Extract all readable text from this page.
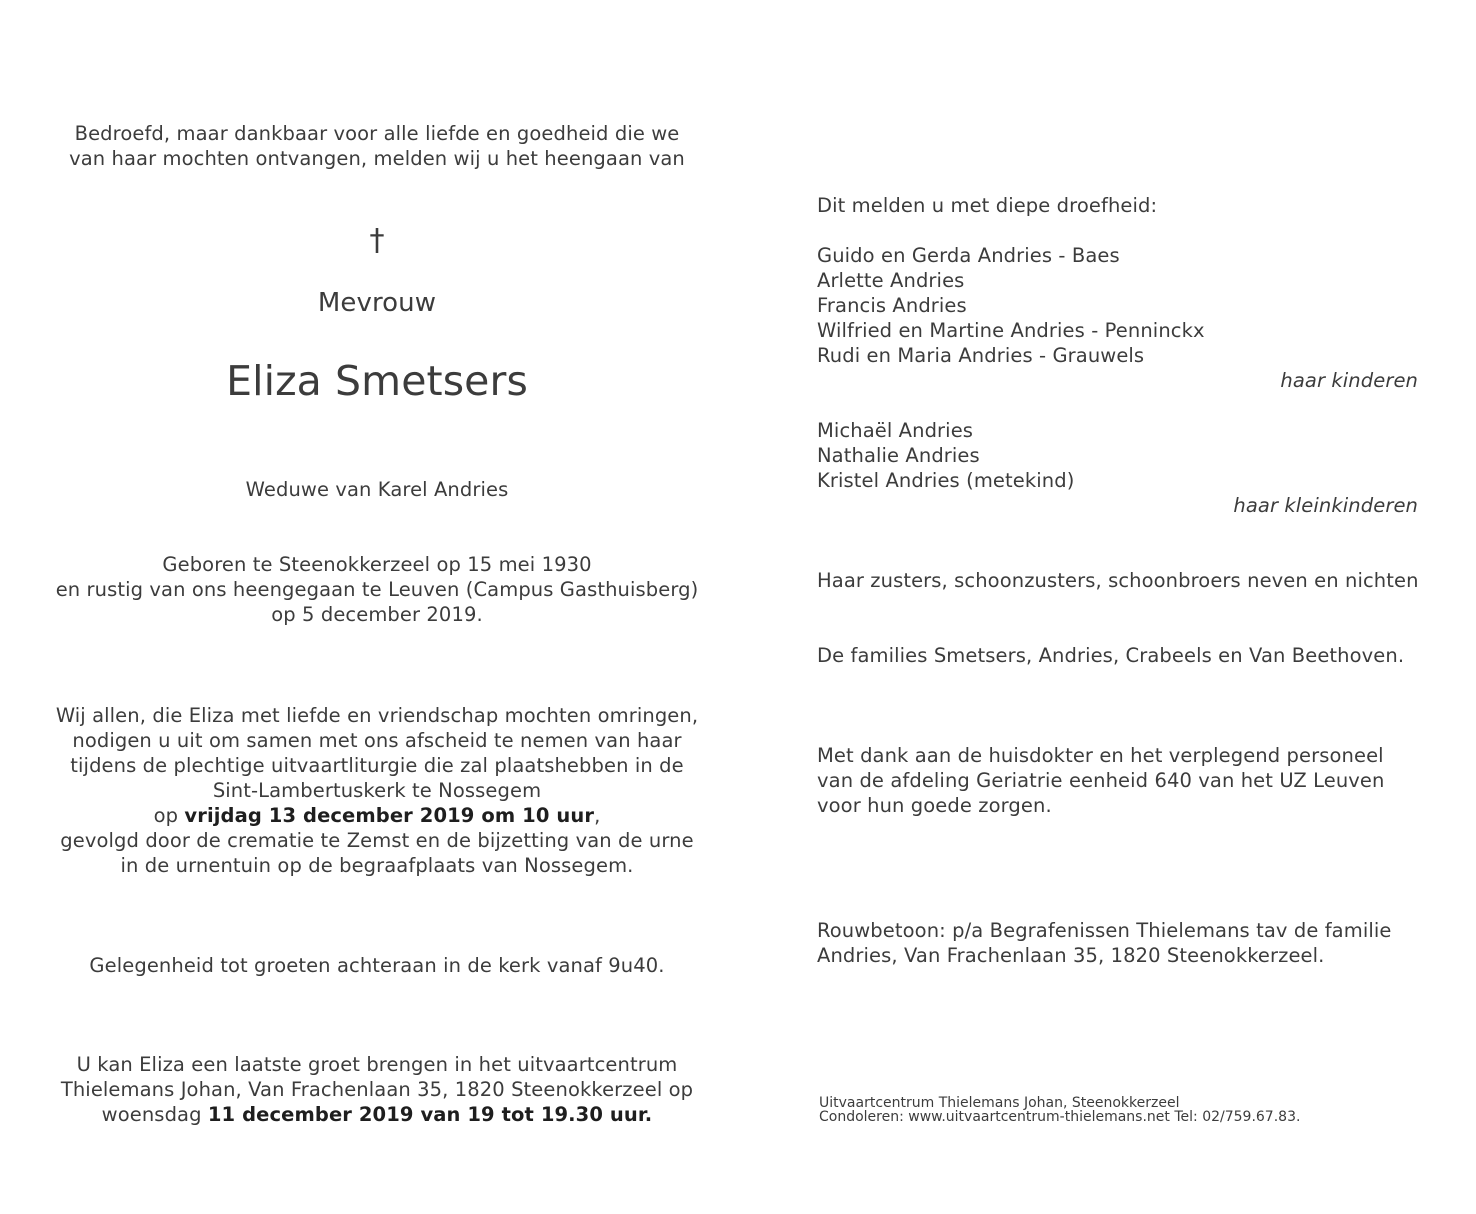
Bedroefd, maar dankbaar voor alle liefde en goedheid die we
van haar mochten ontvangen, melden wij u het heengaan van
†
Mevrouw
Eliza Smetsers
Weduwe van Karel Andries
Geboren te Steenokkerzeel op 15 mei 1930
en rustig van ons heengegaan te Leuven (Campus Gasthuisberg)
op 5 december 2019.
Wij allen, die Eliza met liefde en vriendschap mochten omringen,
nodigen u uit om samen met ons afscheid te nemen van haar
tijdens de plechtige uitvaartliturgie die zal plaatshebben in de
Sint-Lambertuskerk te Nossegem
op vrijdag 13 december 2019 om 10 uur,
gevolgd door de crematie te Zemst en de bijzetting van de urne
in de urnentuin op de begraafplaats van Nossegem.
Gelegenheid tot groeten achteraan in de kerk vanaf 9u40.
U kan Eliza een laatste groet brengen in het uitvaartcentrum
Thielemans Johan, Van Frachenlaan 35, 1820 Steenokkerzeel op
woensdag 11 december 2019 van 19 tot 19.30 uur.
Dit melden u met diepe droefheid:
Guido en Gerda Andries - Baes
Arlette Andries
Francis Andries
Wilfried en Martine Andries - Penninckx
Rudi en Maria Andries - Grauwels
haar kinderen
Michaël Andries
Nathalie Andries
Kristel Andries (metekind)
haar kleinkinderen
Haar zusters, schoonzusters, schoonbroers neven en nichten
De families Smetsers, Andries, Crabeels en Van Beethoven.
Met dank aan de huisdokter en het verplegend personeel
van de afdeling Geriatrie eenheid 640 van het UZ Leuven
voor hun goede zorgen.
Rouwbetoon: p/a Begrafenissen Thielemans tav de familie
Andries, Van Frachenlaan 35, 1820 Steenokkerzeel.
Uitvaartcentrum Thielemans Johan, Steenokkerzeel
Condoleren: www.uitvaartcentrum-thielemans.net Tel: 02/759.67.83.
